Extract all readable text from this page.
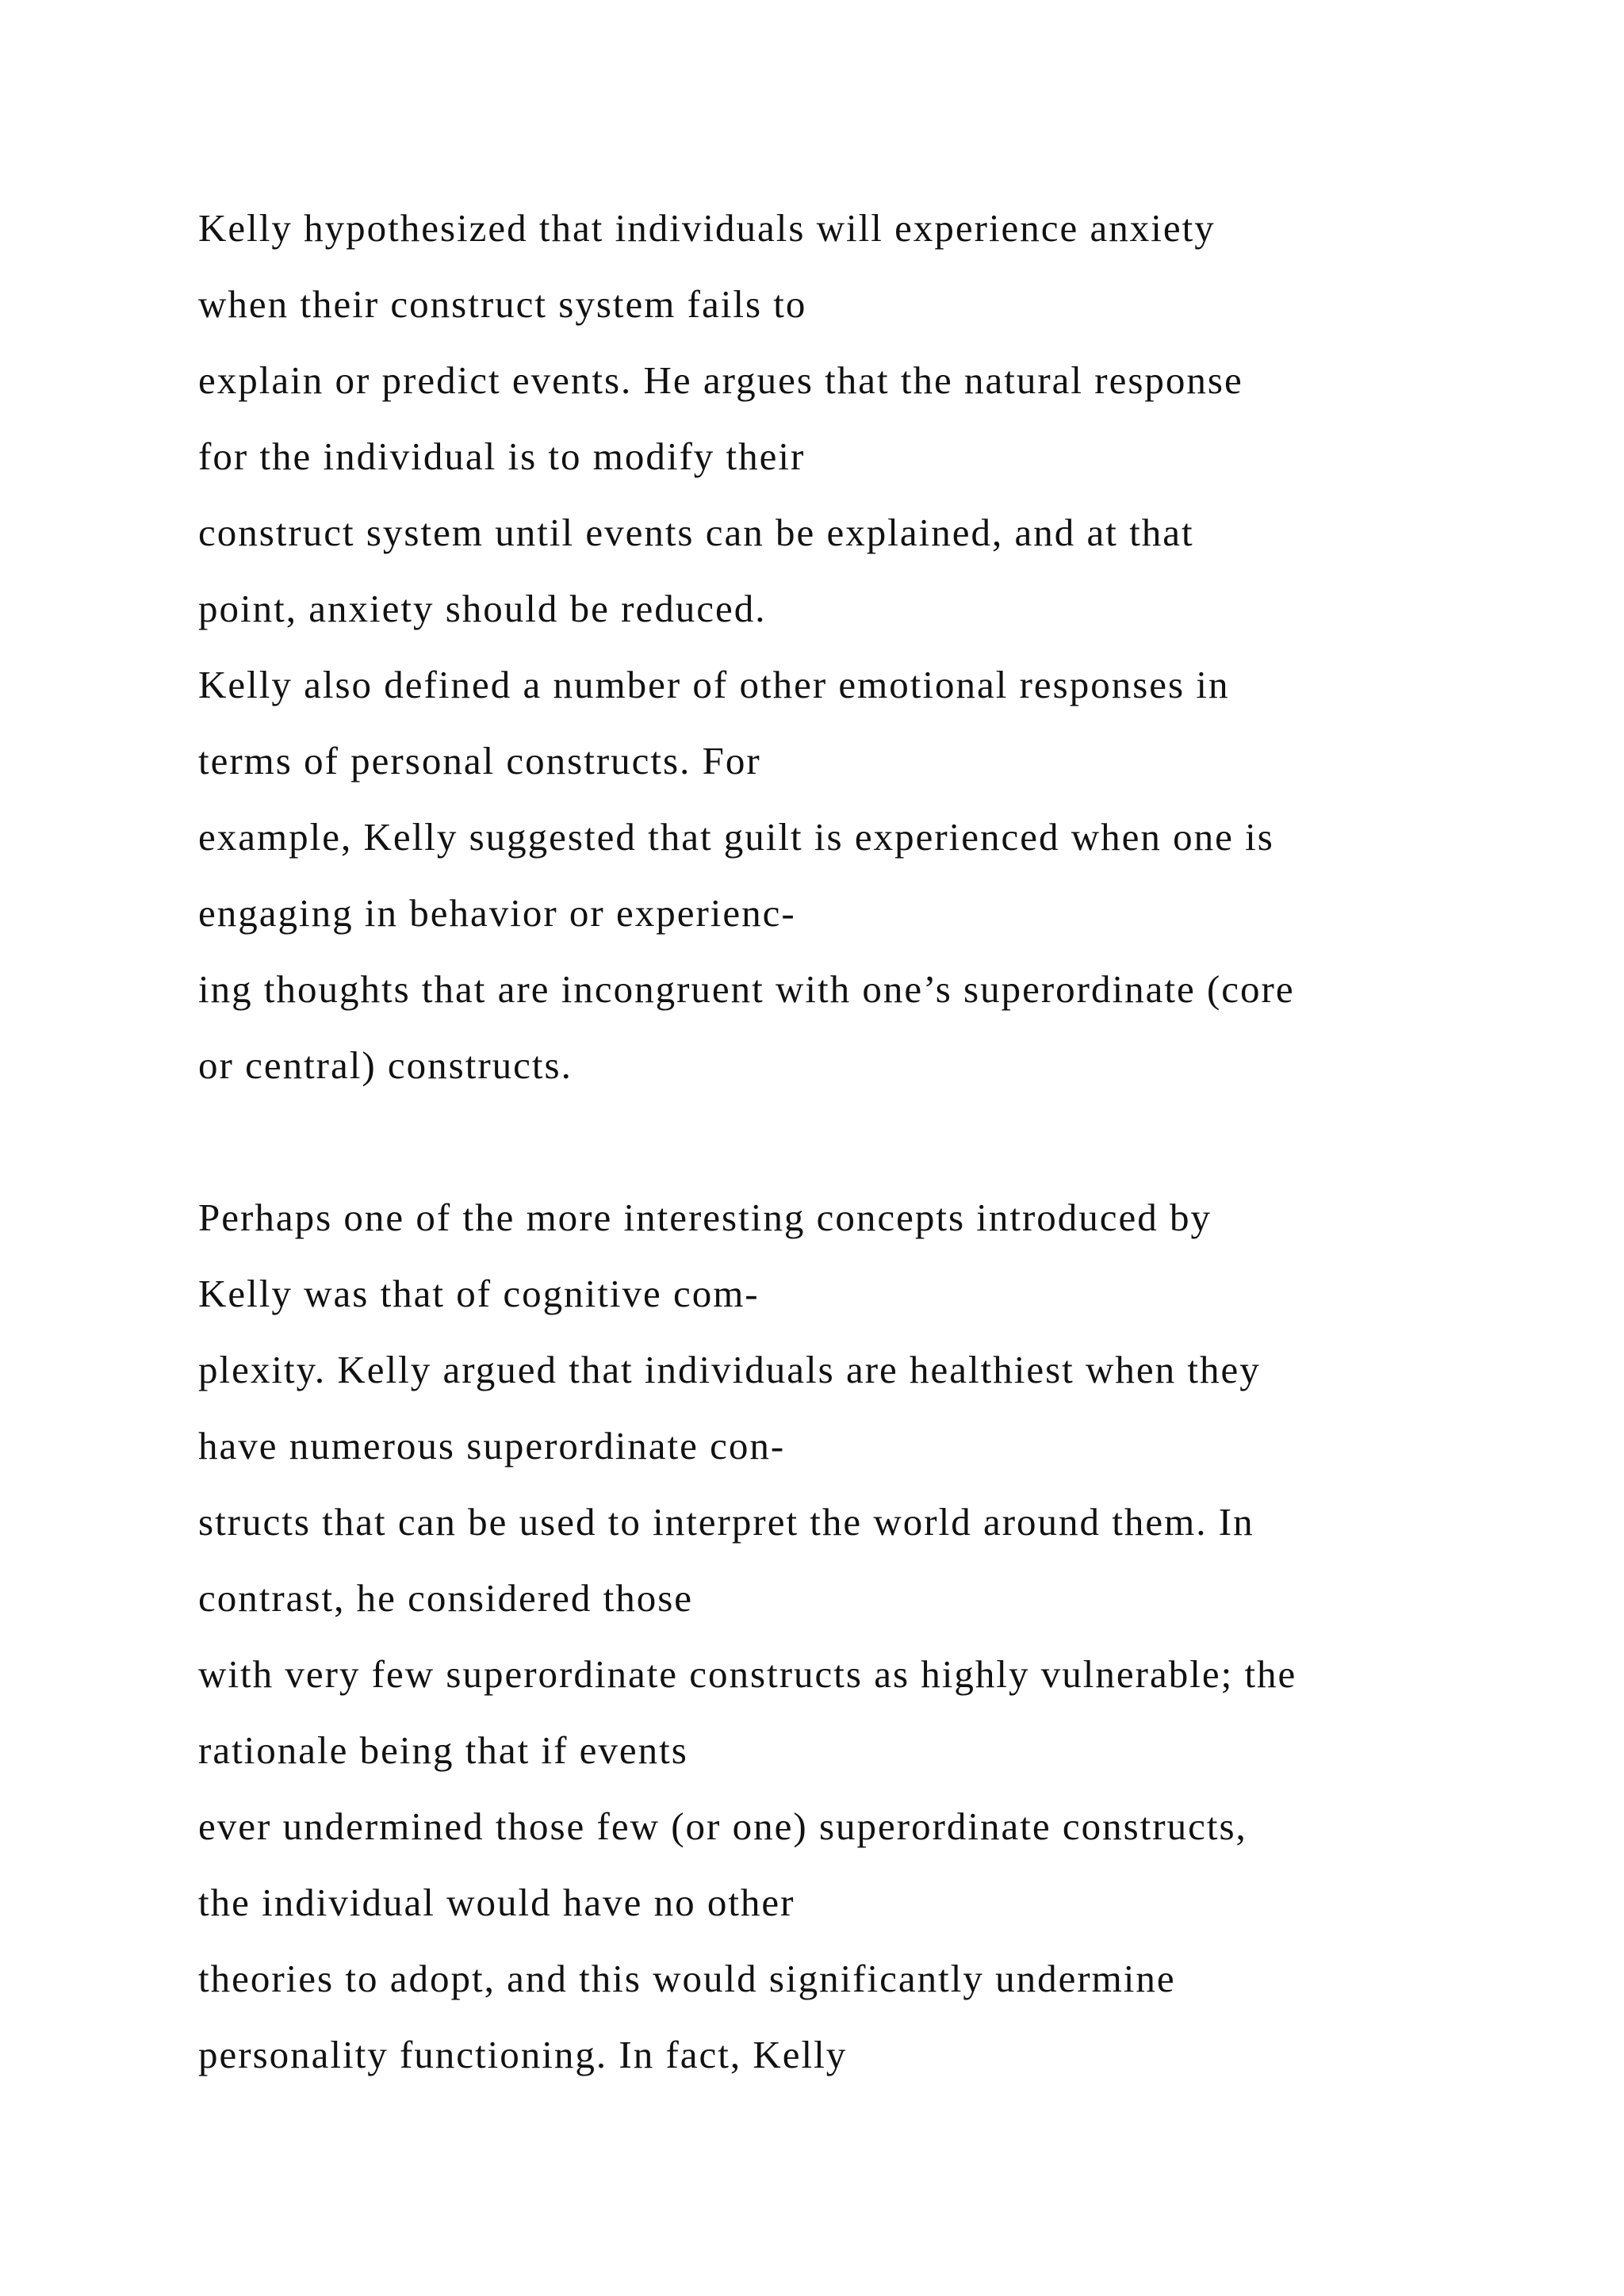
Kelly hypothesized that individuals will experience anxiety
when their construct system fails to
explain or predict events. He argues that the natural response
for the individual is to modify their
construct system until events can be explained, and at that
point, anxiety should be reduced.
Kelly also defined a number of other emotional responses in
terms of personal constructs. For
example, Kelly suggested that guilt is experienced when one is
engaging in behavior or experienc-
ing thoughts that are incongruent with one’s superordinate (core
or central) constructs.
Perhaps one of the more interesting concepts introduced by
Kelly was that of cognitive com-
plexity. Kelly argued that individuals are healthiest when they
have numerous superordinate con-
structs that can be used to interpret the world around them. In
contrast, he considered those
with very few superordinate constructs as highly vulnerable; the
rationale being that if events
ever undermined those few (or one) superordinate constructs,
the individual would have no other
theories to adopt, and this would significantly undermine
personality functioning. In fact, Kelly
